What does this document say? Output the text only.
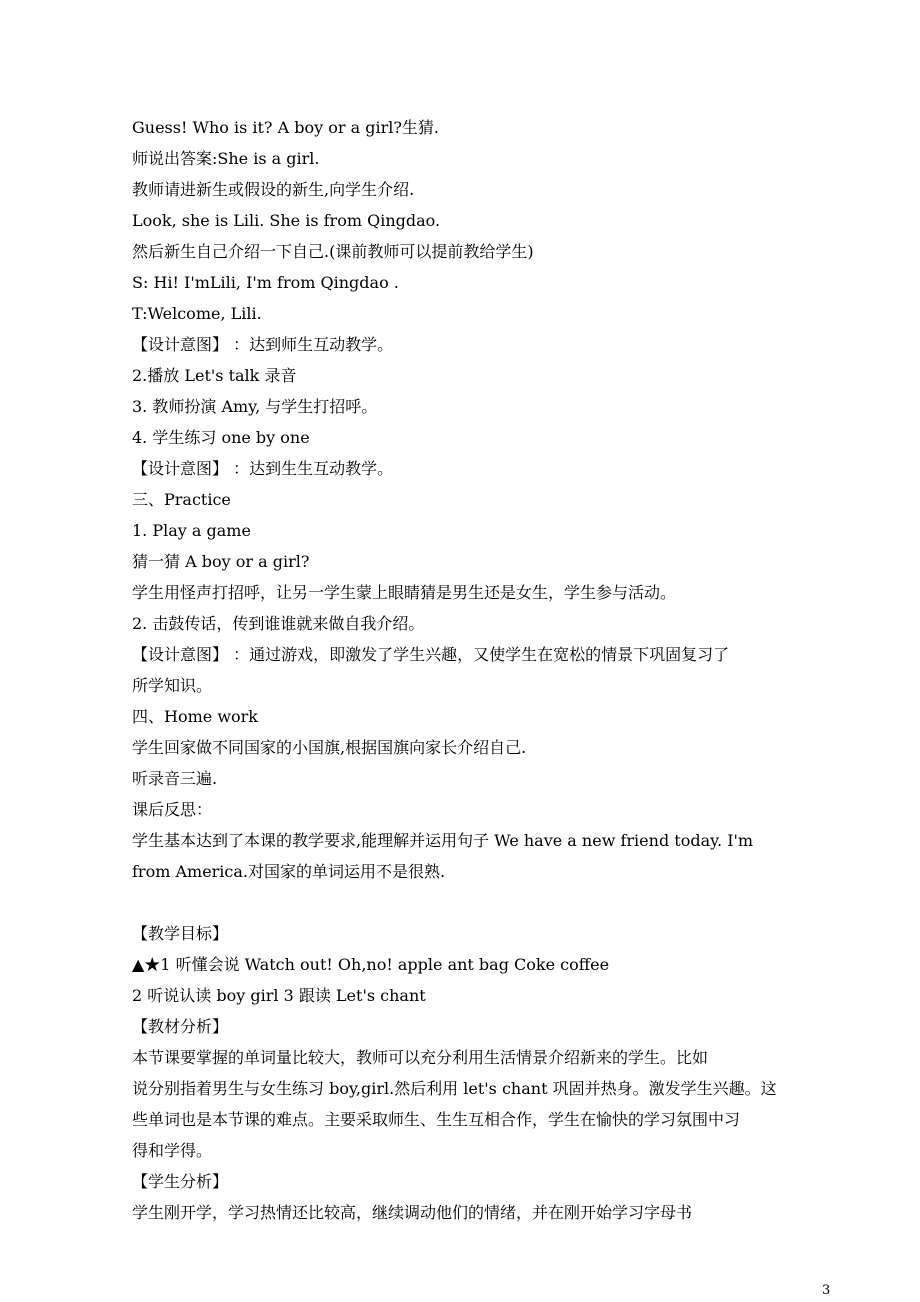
Guess! Who is it? A boy or a girl?生猜.
师说出答案:She is a girl.
教师请进新生或假设的新生,向学生介绍.
Look, she is Lili. She is from Qingdao.
然后新生自己介绍一下自己.(课前教师可以提前教给学生)
S: Hi! I'mLili, I'm from Qingdao .
T:Welcome, Lili.
【设计意图】 ：达到师生互动教学。
2.播放 Let's talk 录音
3. 教师扮演 Amy, 与学生打招呼。
4. 学生练习 one by one
【设计意图】 ：达到生生互动教学。
三、Practice
1. Play a game
猜一猜 A boy or a girl?
学生用怪声打招呼，让另一学生蒙上眼睛猜是男生还是女生，学生参与活动。
2. 击鼓传话，传到谁谁就来做自我介绍。
【设计意图】 ：通过游戏，即激发了学生兴趣，又使学生在宽松的情景下巩固复习了
所学知识。
四、Home work
学生回家做不同国家的小国旗,根据国旗向家长介绍自己.
听录音三遍.
课后反思：
学生基本达到了本课的教学要求,能理解并运用句子 We have a new friend today. I'm
from America.对国家的单词运用不是很熟.
【教学目标】
▲★1 听懂会说 Watch out! Oh,no! apple ant bag Coke coffee
2 听说认读 boy girl 3 跟读 Let's chant
【教材分析】
本节课要掌握的单词量比较大，教师可以充分利用生活情景介绍新来的学生。比如
说分别指着男生与女生练习 boy,girl.然后利用 let's chant 巩固并热身。激发学生兴趣。这
些单词也是本节课的难点。主要采取师生、生生互相合作，学生在愉快的学习氛围中习
得和学得。
【学生分析】
学生刚开学，学习热情还比较高，继续调动他们的情绪，并在刚开始学习字母书
3
